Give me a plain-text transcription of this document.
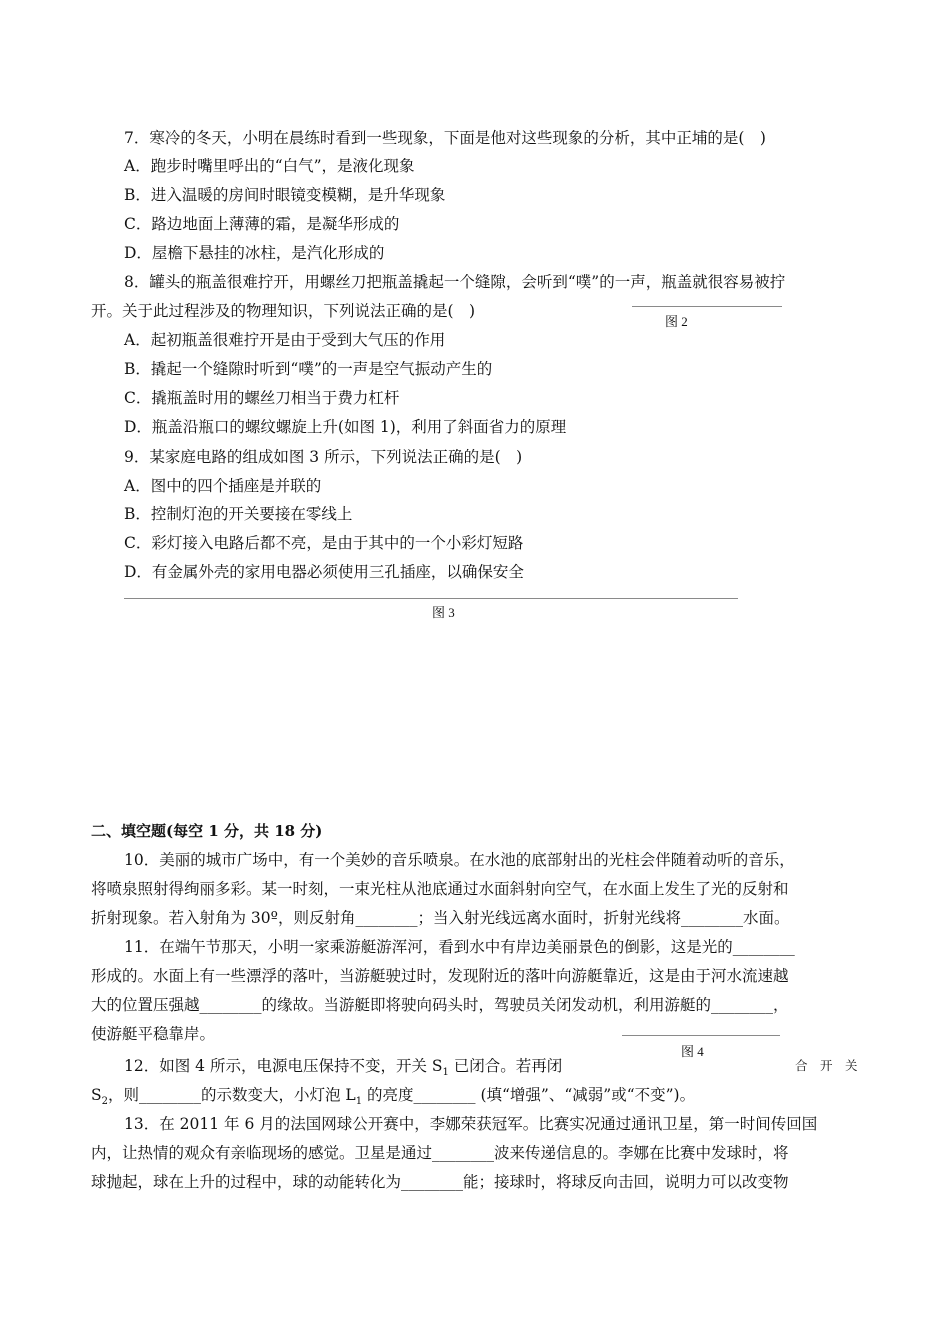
7．寒冷的冬天，小明在晨练时看到一些现象，下面是他对这些现象的分析，其中正埔的是(　)
A．跑步时嘴里呼出的“白气”，是液化现象
B．进入温暖的房间时眼镜变模糊，是升华现象
C．路边地面上薄薄的霜，是凝华形成的
D．屋檐下悬挂的冰柱，是汽化形成的
8．罐头的瓶盖很难拧开，用螺丝刀把瓶盖撬起一个缝隙，会听到“噗”的一声，瓶盖就很容易被拧
开。关于此过程涉及的物理知识，下列说法正确的是(　)
图 2
A．起初瓶盖很难拧开是由于受到大气压的作用
B．撬起一个缝隙时听到“噗”的一声是空气振动产生的
C．撬瓶盖时用的螺丝刀相当于费力杠杆
D．瓶盖沿瓶口的螺纹螺旋上升(如图 1)，利用了斜面省力的原理
9．某家庭电路的组成如图 3 所示，下列说法正确的是(　)
A．图中的四个插座是并联的
B．控制灯泡的开关要接在零线上
C．彩灯接入电路后都不亮，是由于其中的一个小彩灯短路
D．有金属外壳的家用电器必须使用三孔插座，以确保安全
图 3
二、填空题(每空 1 分，共 18 分)
10．美丽的城市广场中，有一个美妙的音乐喷泉。在水池的底部射出的光柱会伴随着动听的音乐，
将喷泉照射得绚丽多彩。某一时刻，一束光柱从池底通过水面斜射向空气，在水面上发生了光的反射和
折射现象。若入射角为 30º，则反射角________；当入射光线远离水面时，折射光线将________水面。
11．在端午节那天，小明一家乘游艇游浑河，看到水中有岸边美丽景色的倒影，这是光的________
形成的。水面上有一些漂浮的落叶，当游艇驶过时，发现附近的落叶向游艇靠近，这是由于河水流速越
大的位置压强越________的缘故。当游艇即将驶向码头时，驾驶员关闭发动机，利用游艇的________，
使游艇平稳靠岸。
图 4
12．如图 4 所示，电源电压保持不变，开关 $S_1$ 已闭合。若再闭	合　开　关
$S_2$，则________的示数变大，小灯泡 $L_1$ 的亮度________ (填“增强”、“减弱”或“不变”)。
13．在 2011 年 6 月的法国网球公开赛中，李娜荣获冠军。比赛实况通过通讯卫星，第一时间传回国
内，让热情的观众有亲临现场的感觉。卫星是通过________波来传递信息的。李娜在比赛中发球时，将
球抛起，球在上升的过程中，球的动能转化为________能；接球时，将球反向击回，说明力可以改变物
